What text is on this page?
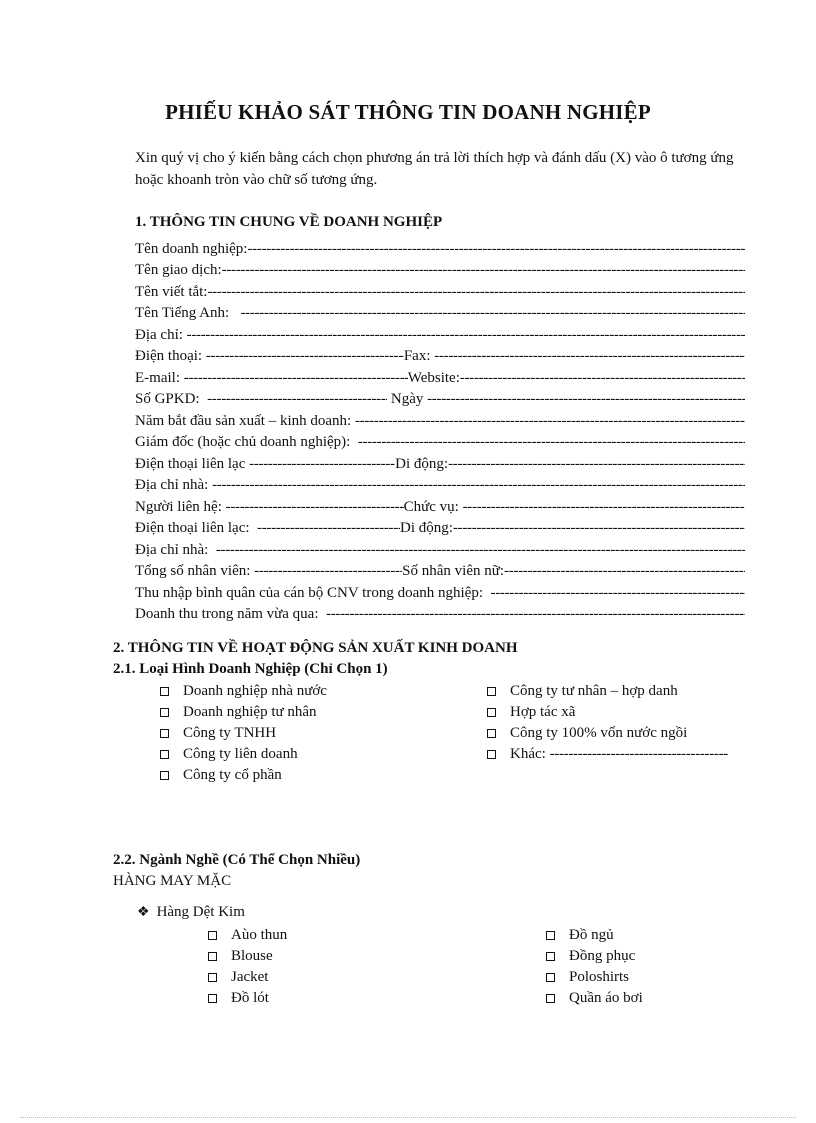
PHIẾU KHẢO SÁT THÔNG TIN DOANH NGHIỆP
Xin quý vị cho ý kiến bằng cách chọn phương án trả lời thích hợp và đánh dấu (X) vào ô tương ứng hoặc khoanh tròn vào chữ số tương ứng.
1. THÔNG TIN CHUNG VỀ DOANH NGHIỆP
Tên doanh nghiệp:
-----
Tên giao dịch:
-----
Tên viết tắt:
-----
Tên Tiếng Anh:

-----
Địa chỉ:

-----
Điện thoại:
-----	Fax:

-----
E-mail:
-----	Website:
-----
Số GPKD:
-----
	Ngày

-----
Năm bắt đầu sản xuất – kinh doanh:

-----
Giám đốc (hoặc chủ doanh nghiệp):

-----
Điện thoại liên lạc
-----	Di động:
-----
Địa chỉ nhà:

-----
Người liên hệ:
-----	Chức vụ:

-----
Điện thoại liên lạc:
-----	Di động:
-----
Địa chỉ nhà:

-----
Tổng số nhân viên:
-----	Số nhân viên nữ:
-----
Thu nhập bình quân của cán bộ CNV trong doanh nghiệp:

-----
Doanh thu trong năm vừa qua:

-----
2. THÔNG TIN VỀ HOẠT ĐỘNG SẢN XUẤT KINH DOANH
2.1. Loại Hình Doanh Nghiệp (Chỉ Chọn 1)
Doanh nghiệp nhà nước
Doanh nghiệp tư nhân
Công ty TNHH
Công ty liên doanh
Công ty cổ phần
Công ty tư nhân – hợp danh
Hợp tác xã
Công ty 100% vốn nước ngồi
Khác:

-----
2.2. Ngành Nghề (Có Thể Chọn Nhiều)
HÀNG MAY MẶC
❖ Hàng Dệt Kim
Aùo thun
Blouse
Jacket
Đồ lót
Đồ ngủ
Đồng phục
Poloshirts
Quần áo bơi
